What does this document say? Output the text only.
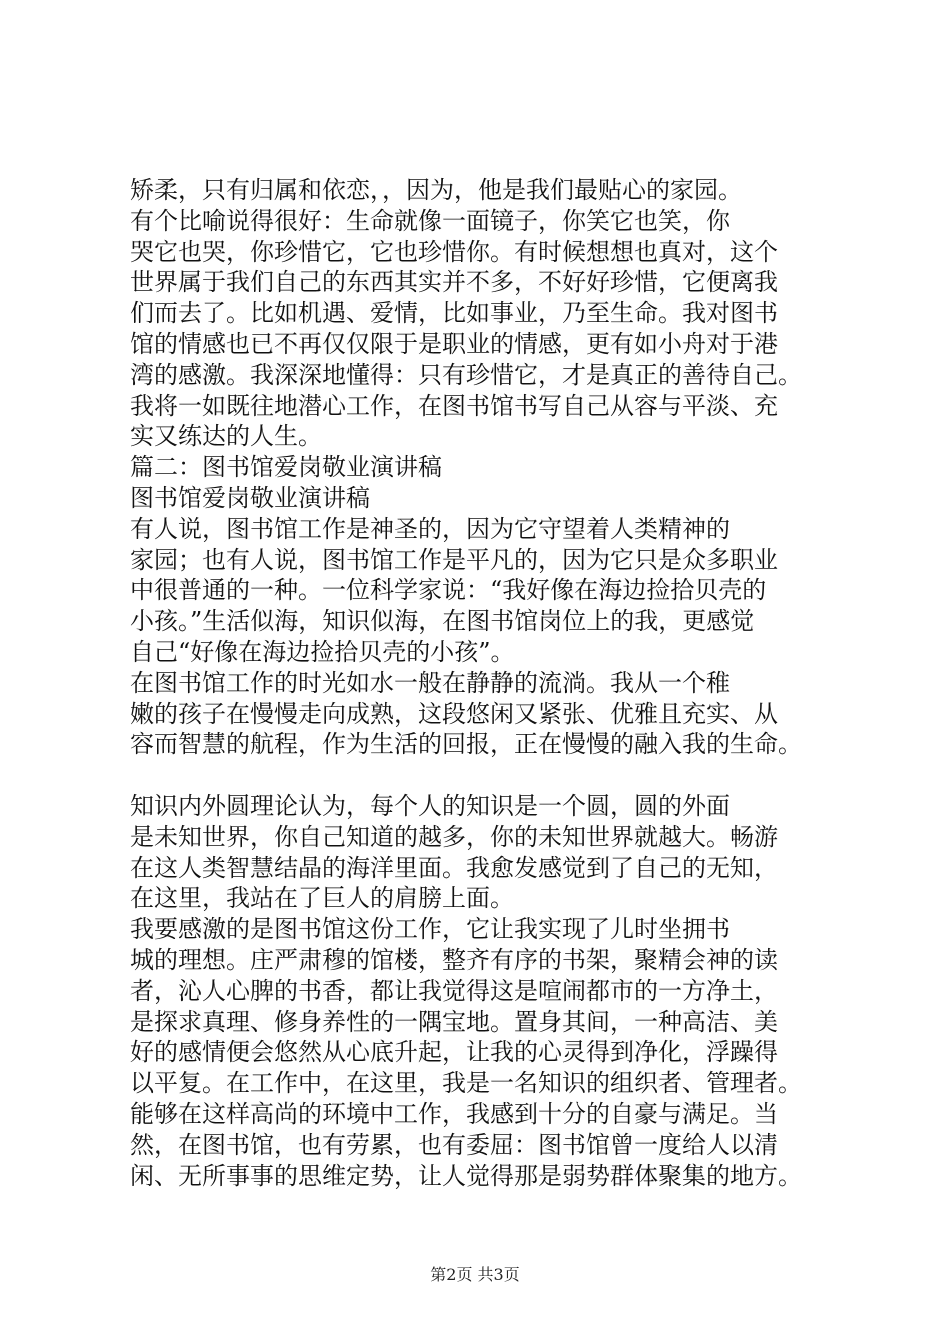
矫柔，只有归属和依恋，，因为，他是我们最贴心的家园。
有个比喻说得很好：生命就像一面镜子，你笑它也笑，你
哭它也哭，你珍惜它，它也珍惜你。有时候想想也真对，这个
世界属于我们自己的东西其实并不多，不好好珍惜，它便离我
们而去了。比如机遇、爱情，比如事业，乃至生命。我对图书
馆的情感也已不再仅仅限于是职业的情感，更有如小舟对于港
湾的感激。我深深地懂得：只有珍惜它，才是真正的善待自己。
我将一如既往地潜心工作，在图书馆书写自己从容与平淡、充
实又练达的人生。
篇二：图书馆爱岗敬业演讲稿
图书馆爱岗敬业演讲稿
有人说，图书馆工作是神圣的，因为它守望着人类精神的
家园；也有人说，图书馆工作是平凡的，因为它只是众多职业
中很普通的一种。一位科学家说：“我好像在海边捡拾贝壳的
小孩。”生活似海，知识似海，在图书馆岗位上的我，更感觉
自己“好像在海边捡拾贝壳的小孩”。
在图书馆工作的时光如水一般在静静的流淌。我从一个稚
嫩的孩子在慢慢走向成熟，这段悠闲又紧张、优雅且充实、从
容而智慧的航程，作为生活的回报，正在慢慢的融入我的生命。
知识内外圆理论认为，每个人的知识是一个圆，圆的外面
是未知世界，你自己知道的越多，你的未知世界就越大。畅游
在这人类智慧结晶的海洋里面。我愈发感觉到了自己的无知，
在这里，我站在了巨人的肩膀上面。
我要感激的是图书馆这份工作，它让我实现了儿时坐拥书
城的理想。庄严肃穆的馆楼，整齐有序的书架，聚精会神的读
者，沁人心脾的书香，都让我觉得这是喧闹都市的一方净土，
是探求真理、修身养性的一隅宝地。置身其间，一种高洁、美
好的感情便会悠然从心底升起，让我的心灵得到净化，浮躁得
以平复。在工作中，在这里，我是一名知识的组织者、管理者。
能够在这样高尚的环境中工作，我感到十分的自豪与满足。当
然，在图书馆，也有劳累，也有委屈：图书馆曾一度给人以清
闲、无所事事的思维定势，让人觉得那是弱势群体聚集的地方。
第2页 共3页
